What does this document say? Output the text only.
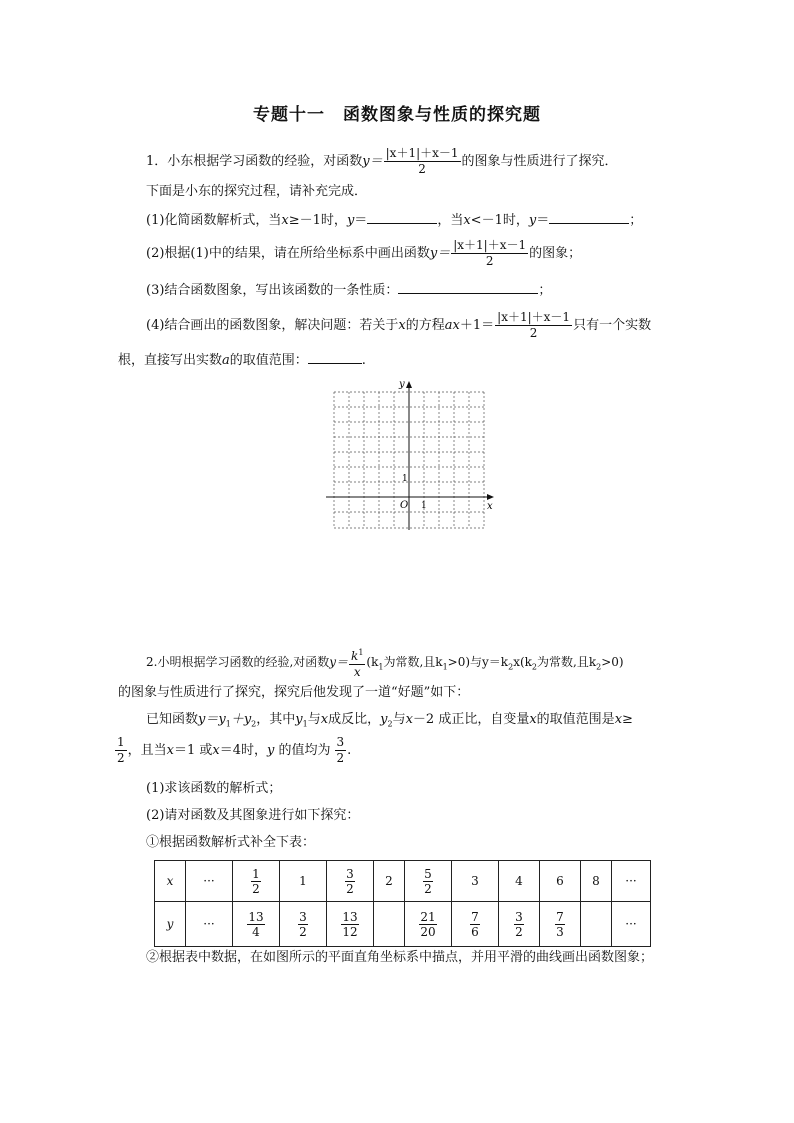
专题十一　函数图象与性质的探究题
1．小东根据学习函数的经验，对函数$y= \frac{|x+1|+x-1}{2}$ 的图象与性质进行了探究．
下面是小东的探究过程，请补充完成．
(1)化简函数解析式，当x≥－1时，y＝	，当x<－1时，y＝	；
(2)根据(1)中的结果，请在所给坐标系中画出函数$y= \frac{|x+1|+x-1}{2}$ 的图象；
(3)结合函数图象，写出该函数的一条性质：	；
(4)结合画出的函数图象，解决问题：若关于x的方程$ax+1= \frac{|x+1|+x-1}{2}$ 只有一个实数
根，直接写出实数a的取值范围：	.
y
x
O 1
1
2.小明根据学习函数的经验,对函数$y= \frac{k^1}{x} (k_1$为常数,且$k_1>0$)与$y=k_2x(k_2$为常数,且$k_2>0$)
的图象与性质进行了探究，探究后他发现了一道“好题”如下：
已知函数$y=y_1+y_2$，其中$y_1$与x成反比，$y_2$与x－2 成正比，自变量x的取值范围是x≥
$\frac{1}{2}$ ，且当x＝1 或x＝4时，y 的值均为 $\frac{3}{2}$ .
(1)求该函数的解析式；
(2)请对函数及其图象进行如下探究：
①根据函数解析式补全下表：
x	···	$\frac{1}{2}$	1	$\frac{3}{2}$	2	$\frac{5}{2}$	3	4	6	8	···
y	···	$\frac{13}{4}$	$\frac{3}{2}$	$\frac{13}{12}$		$\frac{21}{20}$	$\frac{7}{6}$	$\frac{3}{2}$	$\frac{7}{3}$		···
②根据表中数据，在如图所示的平面直角坐标系中描点，并用平滑的曲线画出函数图象；
